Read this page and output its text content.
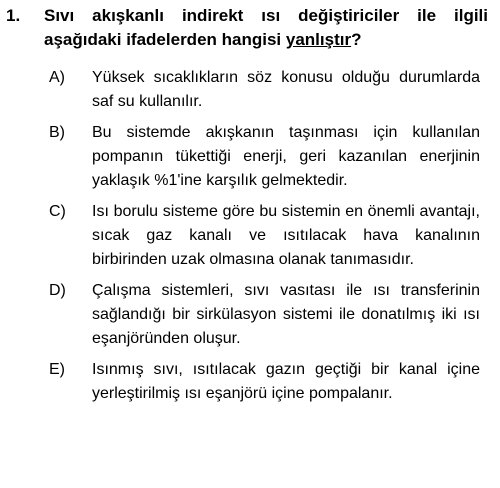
1.	Sıvı akışkanlı indirekt ısı değiştiriciler ile ilgili aşağıdaki ifadelerden hangisi yanlıştır?
A)	Yüksek sıcaklıkların söz konusu olduğu durumlarda saf su kullanılır.
B)	Bu sistemde akışkanın taşınması için kullanılan pompanın tükettiği enerji, geri kazanılan enerjinin yaklaşık %1'ine karşılık gelmektedir.
C)	Isı borulu sisteme göre bu sistemin en önemli avantajı, sıcak gaz kanalı ve ısıtılacak hava kanalının birbirinden uzak olmasına olanak tanımasıdır.
D)	Çalışma sistemleri, sıvı vasıtası ile ısı transferinin sağlandığı bir sirkülasyon sistemi ile donatılmış iki ısı eşanjöründen oluşur.
E)	Isınmış sıvı, ısıtılacak gazın geçtiği bir kanal içine yerleştirilmiş ısı eşanjörü içine pompalanır.
